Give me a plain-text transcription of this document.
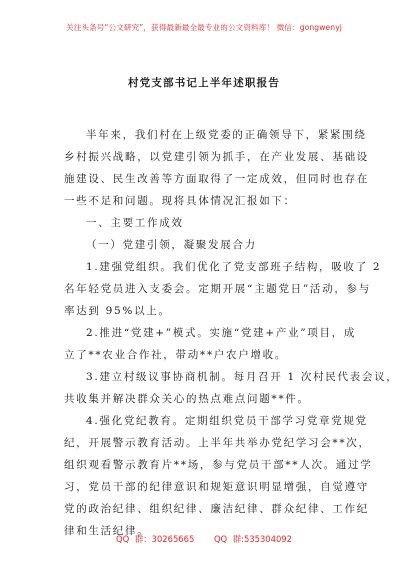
关注头条号“公文研究”，获得最新最全最专业的公文资料库！ 微信：gongwenyj
村党支部书记上半年述职报告
半年来，我们村在上级党委的正确领导下，紧紧围绕
乡村振兴战略，以党建引领为抓手，在产业发展、基础设
施建设、民生改善等方面取得了一定成效，但同时也存在
一些不足和问题。现将具体情况汇报如下：
一、主要工作成效
（一）党建引领，凝聚发展合力
1.建强党组织。我们优化了党支部班子结构，吸收了 2
名年轻党员进入支委会。定期开展“主题党日”活动，参与
率达到 95%以上。
2.推进“党建+”模式。实施“党建+产业”项目，成
立了**农业合作社，带动**户农户增收。
3.建立村级议事协商机制。每月召开 1 次村民代表会议，
共收集并解决群众关心的热点难点问题**件。
4.强化党纪教育。定期组织党员干部学习党章党规党
纪，开展警示教育活动。上半年共举办党纪学习会**次，
组织观看警示教育片**场，参与党员干部**人次。通过学
习，党员干部的纪律意识和规矩意识明显增强，自觉遵守
党的政治纪律、组织纪律、廉洁纪律、群众纪律、工作纪
律和生活纪律。
QQ 群：30265665 QQ 群:535304092
